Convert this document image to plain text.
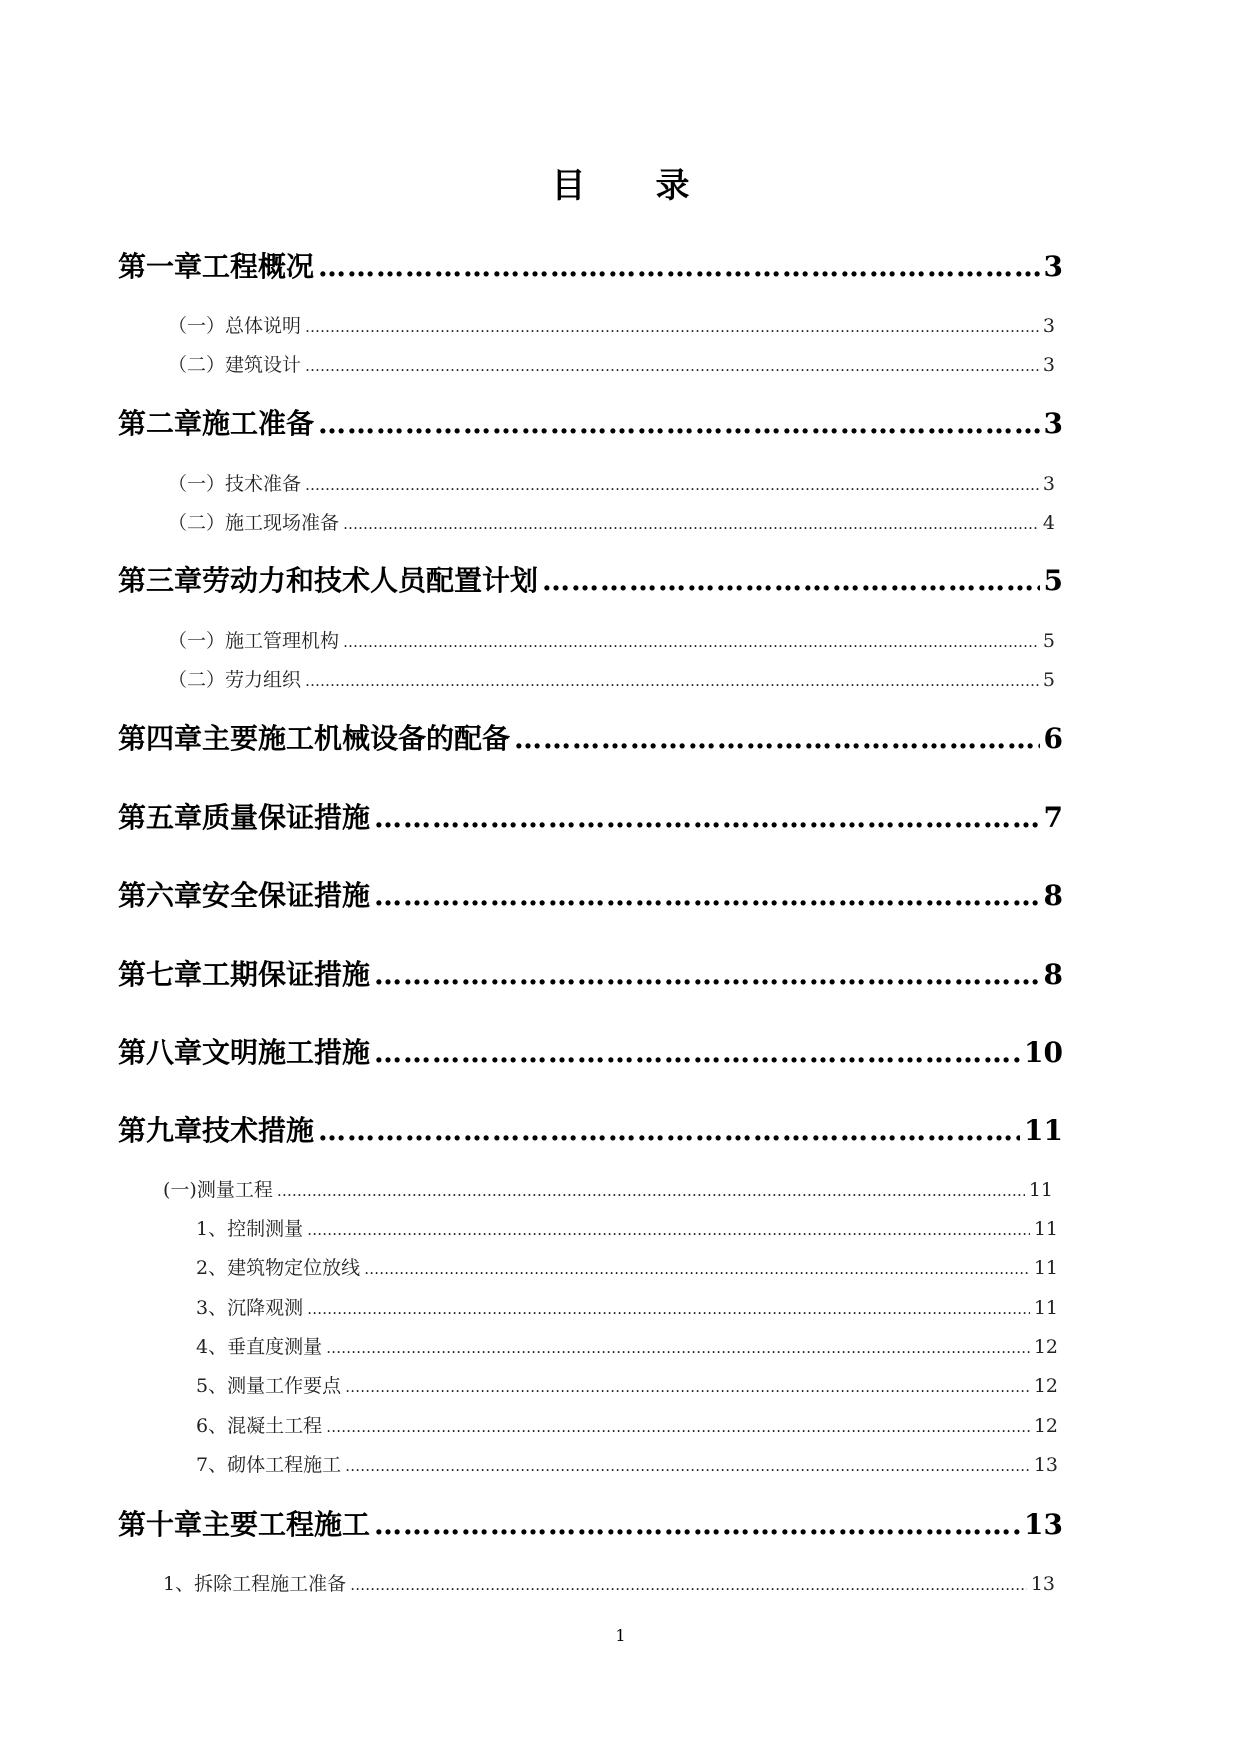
目 录
第一章工程概况 ……………………………………………………………………………………………………………………………………………………………………………………………………………………………………………………………………………………………………………	3
（一）总体说明 ……………………………………………………………………………………………………………………………………………………………………………………………………………………………………………………………………………………………………………	3
（二）建筑设计 ……………………………………………………………………………………………………………………………………………………………………………………………………………………………………………………………………………………………………………	3
第二章施工准备 ……………………………………………………………………………………………………………………………………………………………………………………………………………………………………………………………………………………………………………	3
（一）技术准备 ……………………………………………………………………………………………………………………………………………………………………………………………………………………………………………………………………………………………………………	3
（二）施工现场准备 ……………………………………………………………………………………………………………………………………………………………………………………………………………………………………………………………………………………………………………	4
第三章劳动力和技术人员配置计划 ……………………………………………………………………………………………………………………………………………………………………………………………………………………………………………………………………………………………………………	5
（一）施工管理机构 ……………………………………………………………………………………………………………………………………………………………………………………………………………………………………………………………………………………………………………	5
（二）劳力组织 ……………………………………………………………………………………………………………………………………………………………………………………………………………………………………………………………………………………………………………	5
第四章主要施工机械设备的配备 ……………………………………………………………………………………………………………………………………………………………………………………………………………………………………………………………………………………………………………	6
第五章质量保证措施 ……………………………………………………………………………………………………………………………………………………………………………………………………………………………………………………………………………………………………………	7
第六章安全保证措施 ……………………………………………………………………………………………………………………………………………………………………………………………………………………………………………………………………………………………………………	8
第七章工期保证措施 ……………………………………………………………………………………………………………………………………………………………………………………………………………………………………………………………………………………………………………	8
第八章文明施工措施 ……………………………………………………………………………………………………………………………………………………………………………………………………………………………………………………………………………………………………………	10
第九章技术措施 ……………………………………………………………………………………………………………………………………………………………………………………………………………………………………………………………………………………………………………	11
(一)测量工程 ……………………………………………………………………………………………………………………………………………………………………………………………………………………………………………………………………………………………………………	11
1、控制测量 ……………………………………………………………………………………………………………………………………………………………………………………………………………………………………………………………………………………………………………	11
2、建筑物定位放线 ……………………………………………………………………………………………………………………………………………………………………………………………………………………………………………………………………………………………………………	11
3、沉降观测 ……………………………………………………………………………………………………………………………………………………………………………………………………………………………………………………………………………………………………………	11
4、垂直度测量 ……………………………………………………………………………………………………………………………………………………………………………………………………………………………………………………………………………………………………………	12
5、测量工作要点 ……………………………………………………………………………………………………………………………………………………………………………………………………………………………………………………………………………………………………………	12
6、混凝土工程 ……………………………………………………………………………………………………………………………………………………………………………………………………………………………………………………………………………………………………………	12
7、砌体工程施工 ……………………………………………………………………………………………………………………………………………………………………………………………………………………………………………………………………………………………………………	13
第十章主要工程施工 ……………………………………………………………………………………………………………………………………………………………………………………………………………………………………………………………………………………………………………	13
1、拆除工程施工准备 ……………………………………………………………………………………………………………………………………………………………………………………………………………………………………………………………………………………………………………	13
1
